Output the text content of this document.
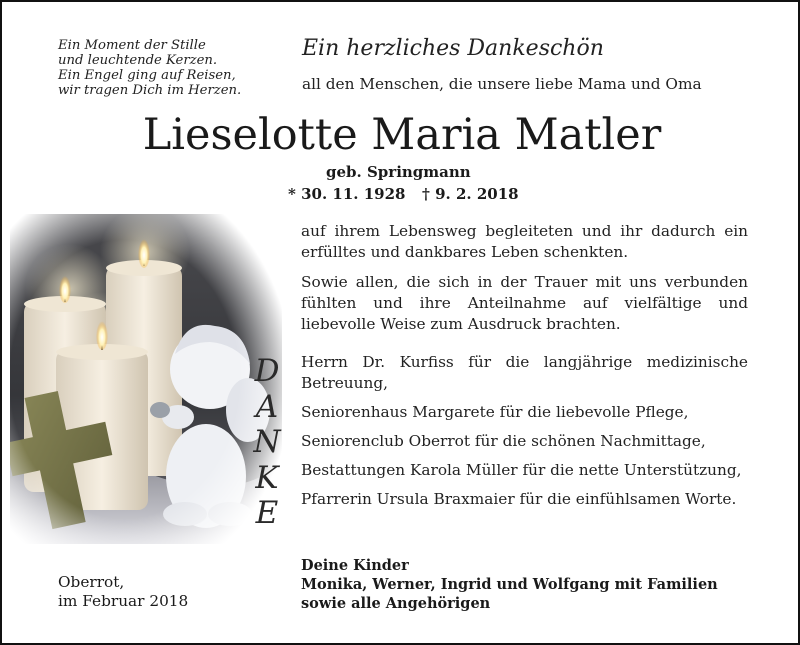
Ein Moment der Stille
und leuchtende Kerzen.
Ein Engel ging auf Reisen,
wir tragen Dich im Herzen.
Ein herzliches Dankeschön
all den Menschen, die unsere liebe Mama und Oma
Lieselotte Maria Matler
geb. Springmann
* 30. 11. 1928 † 9. 2. 2018
D
A
N
K
E
auf ihrem Lebensweg begleiteten und ihr dadurch ein erfülltes und dankbares Leben schenkten.
Sowie allen, die sich in der Trauer mit uns verbunden fühlten und ihre Anteilnahme auf vielfältige und liebevolle Weise zum Ausdruck brachten.
Herrn Dr. Kurfiss für die langjährige medizinische Betreuung,
Seniorenhaus Margarete für die liebevolle Pflege,
Seniorenclub Oberrot für die schönen Nachmittage,
Bestattungen Karola Müller für die nette Unterstützung,
Pfarrerin Ursula Braxmaier für die einfühlsamen Worte.
Deine Kinder
Monika, Werner, Ingrid und Wolfgang mit Familien
sowie alle Angehörigen
Oberrot,
im Februar 2018
